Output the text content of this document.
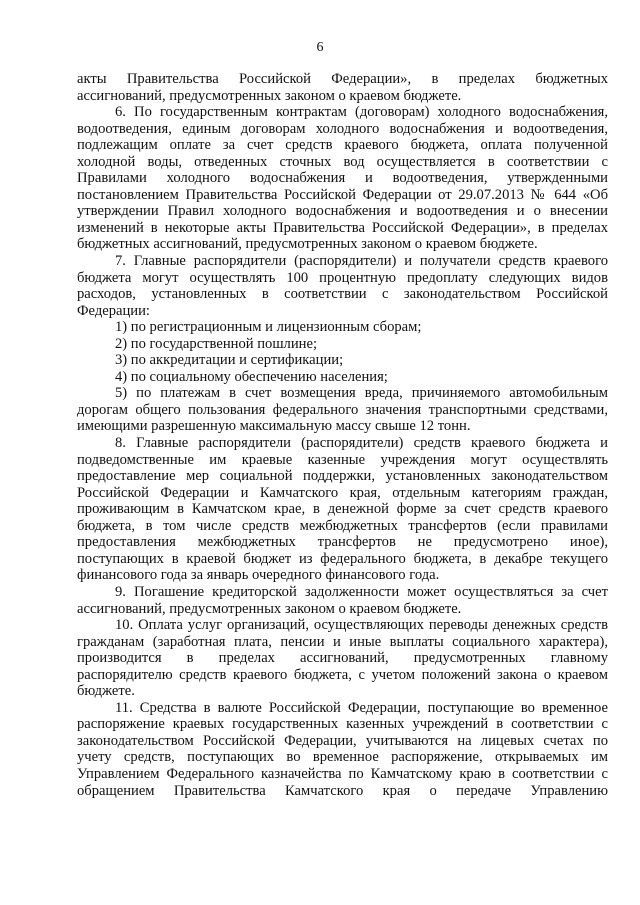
6

акты Правительства Российской Федерации», в пределах бюджетных

ассигнований, предусмотренных законом о краевом бюджете.

6. По государственным контрактам (договорам) холодного водоснабжения,

водоотведения, единым договорам холодного водоснабжения и водоотведения,

подлежащим оплате за счет средств краевого бюджета, оплата полученной

холодной воды, отведенных сточных вод осуществляется в соответствии с

Правилами холодного водоснабжения и водоотведения, утвержденными

постановлением Правительства Российской Федерации от 29.07.2013 № 644 «Об

утверждении Правил холодного водоснабжения и водоотведения и о внесении

изменений в некоторые акты Правительства Российской Федерации», в пределах

бюджетных ассигнований, предусмотренных законом о краевом бюджете.

7. Главные распорядители (распорядители) и получатели средств краевого

бюджета могут осуществлять 100 процентную предоплату следующих видов

расходов, установленных в соответствии с законодательством Российской

Федерации:

1) по регистрационным и лицензионным сборам;

2) по государственной пошлине;

3) по аккредитации и сертификации;

4) по социальному обеспечению населения;

5) по платежам в счет возмещения вреда, причиняемого автомобильным

дорогам общего пользования федерального значения транспортными средствами,

имеющими разрешенную максимальную массу свыше 12 тонн.

8. Главные распорядители (распорядители) средств краевого бюджета и

подведомственные им краевые казенные учреждения могут осуществлять

предоставление мер социальной поддержки, установленных законодательством

Российской Федерации и Камчатского края, отдельным категориям граждан,

проживающим в Камчатском крае, в денежной форме за счет средств краевого

бюджета, в том числе средств межбюджетных трансфертов (если правилами

предоставления межбюджетных трансфертов не предусмотрено иное),

поступающих в краевой бюджет из федерального бюджета, в декабре текущего

финансового года за январь очередного финансового года.

9. Погашение кредиторской задолженности может осуществляться за счет

ассигнований, предусмотренных законом о краевом бюджете.

10. Оплата услуг организаций, осуществляющих переводы денежных средств

гражданам (заработная плата, пенсии и иные выплаты социального характера),

производится в пределах ассигнований, предусмотренных главному

распорядителю средств краевого бюджета, с учетом положений закона о краевом

бюджете.

11. Средства в валюте Российской Федерации, поступающие во временное

распоряжение краевых государственных казенных учреждений в соответствии с

законодательством Российской Федерации, учитываются на лицевых счетах по

учету средств, поступающих во временное распоряжение, открываемых им

Управлением Федерального казначейства по Камчатскому краю в соответствии с

обращением Правительства Камчатского края о передаче Управлению
